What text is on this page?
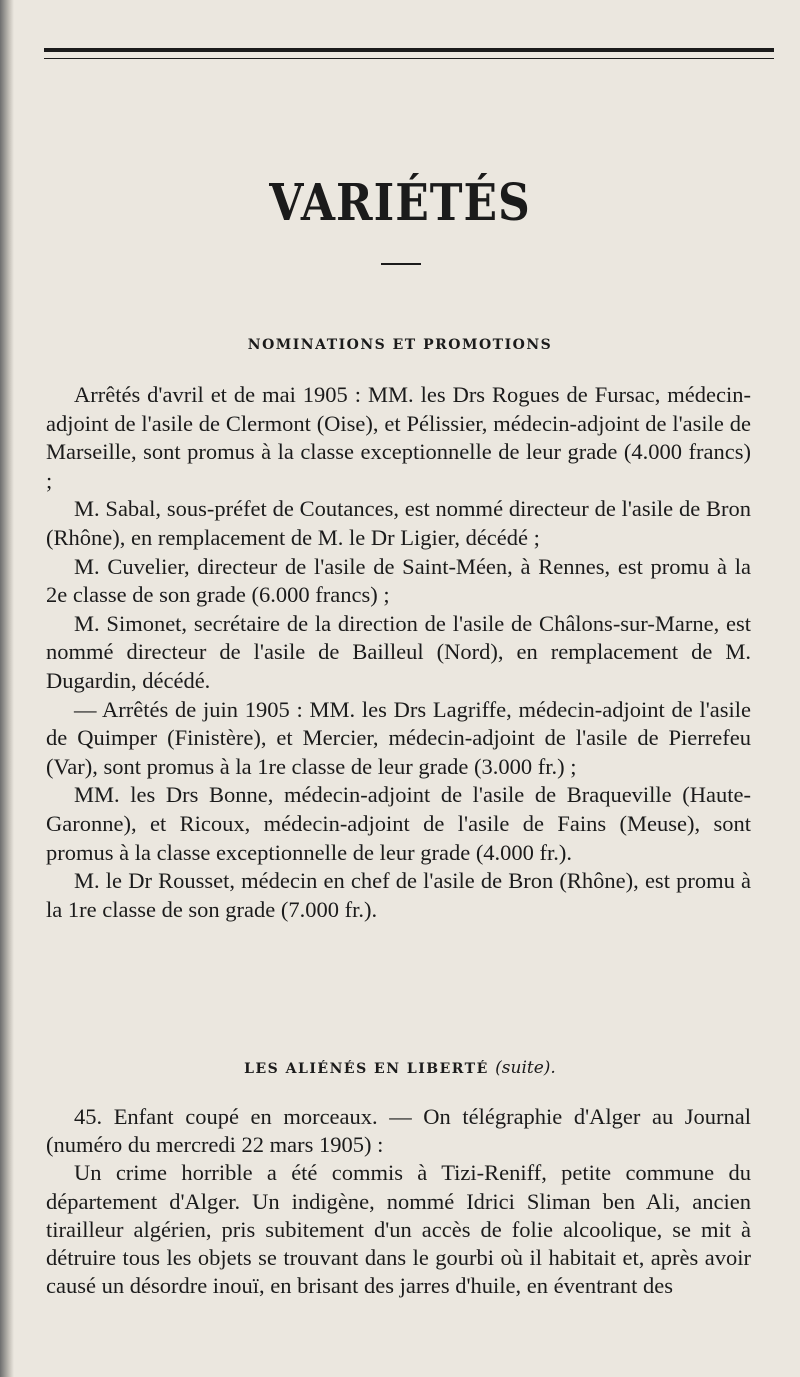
VARIÉTÉS
NOMINATIONS ET PROMOTIONS

Arrêtés d'avril et de mai 1905 : MM. les Drs Rogues de Fursac, médecin-adjoint de l'asile de Clermont (Oise), et Pélissier, médecin-adjoint de l'asile de Marseille, sont promus à la classe exceptionnelle de leur grade (4.000 francs) ;

M. Sabal, sous-préfet de Coutances, est nommé directeur de l'asile de Bron (Rhône), en remplacement de M. le Dr Ligier, décédé ;

M. Cuvelier, directeur de l'asile de Saint-Méen, à Rennes, est promu à la 2e classe de son grade (6.000 francs) ;

M. Simonet, secrétaire de la direction de l'asile de Châlons-sur-Marne, est nommé directeur de l'asile de Bailleul (Nord), en remplacement de M. Dugardin, décédé.

— Arrêtés de juin 1905 : MM. les Drs Lagriffe, médecin-adjoint de l'asile de Quimper (Finistère), et Mercier, médecin-adjoint de l'asile de Pierrefeu (Var), sont promus à la 1re classe de leur grade (3.000 fr.) ;

MM. les Drs Bonne, médecin-adjoint de l'asile de Braqueville (Haute-Garonne), et Ricoux, médecin-adjoint de l'asile de Fains (Meuse), sont promus à la classe exceptionnelle de leur grade (4.000 fr.).

M. le Dr Rousset, médecin en chef de l'asile de Bron (Rhône), est promu à la 1re classe de son grade (7.000 fr.).

LES ALIÉNÉS EN LIBERTÉ (suite).

45. Enfant coupé en morceaux. — On télégraphie d'Alger au Journal (numéro du mercredi 22 mars 1905) :

Un crime horrible a été commis à Tizi-Reniff, petite commune du département d'Alger. Un indigène, nommé Idrici Sliman ben Ali, ancien tirailleur algérien, pris subitement d'un accès de folie alcoolique, se mit à détruire tous les objets se trouvant dans le gourbi où il habitait et, après avoir causé un désordre inouï, en brisant des jarres d'huile, en éventrant des
